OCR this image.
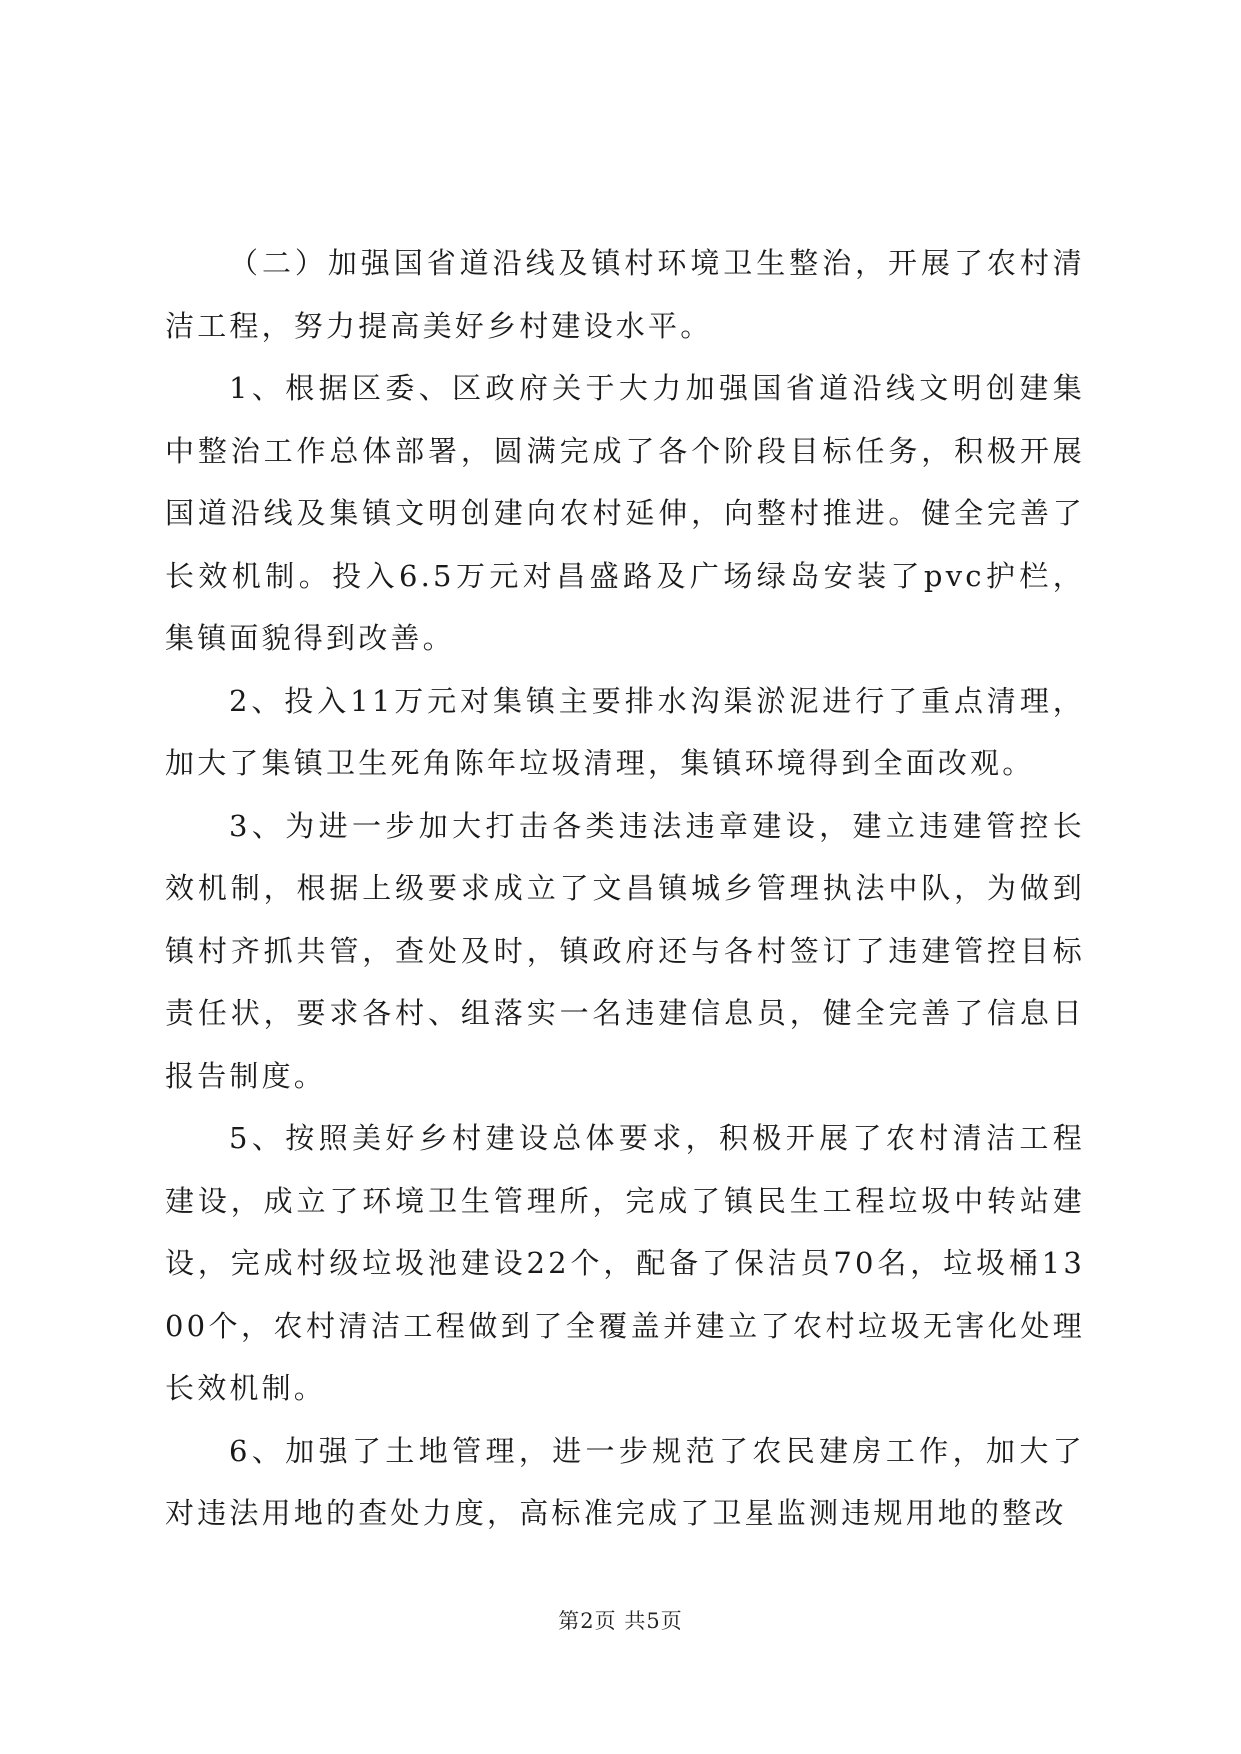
（二）加强国省道沿线及镇村环境卫生整治，开展了农村清洁工程，努力提高美好乡村建设水平。

1、根据区委、区政府关于大力加强国省道沿线文明创建集中整治工作总体部署，圆满完成了各个阶段目标任务，积极开展国道沿线及集镇文明创建向农村延伸，向整村推进。健全完善了长效机制。投入6.5万元对昌盛路及广场绿岛安装了pvc护栏，集镇面貌得到改善。

2、投入11万元对集镇主要排水沟渠淤泥进行了重点清理，加大了集镇卫生死角陈年垃圾清理，集镇环境得到全面改观。

3、为进一步加大打击各类违法违章建设，建立违建管控长效机制，根据上级要求成立了文昌镇城乡管理执法中队，为做到镇村齐抓共管，查处及时，镇政府还与各村签订了违建管控目标责任状，要求各村、组落实一名违建信息员，健全完善了信息日报告制度。

5、按照美好乡村建设总体要求，积极开展了农村清洁工程建设，成立了环境卫生管理所，完成了镇民生工程垃圾中转站建设，完成村级垃圾池建设22个，配备了保洁员70名，垃圾桶1300个，农村清洁工程做到了全覆盖并建立了农村垃圾无害化处理长效机制。

6、加强了土地管理，进一步规范了农民建房工作，加大了对违法用地的查处力度，高标准完成了卫星监测违规用地的整改

第2页 共5页
